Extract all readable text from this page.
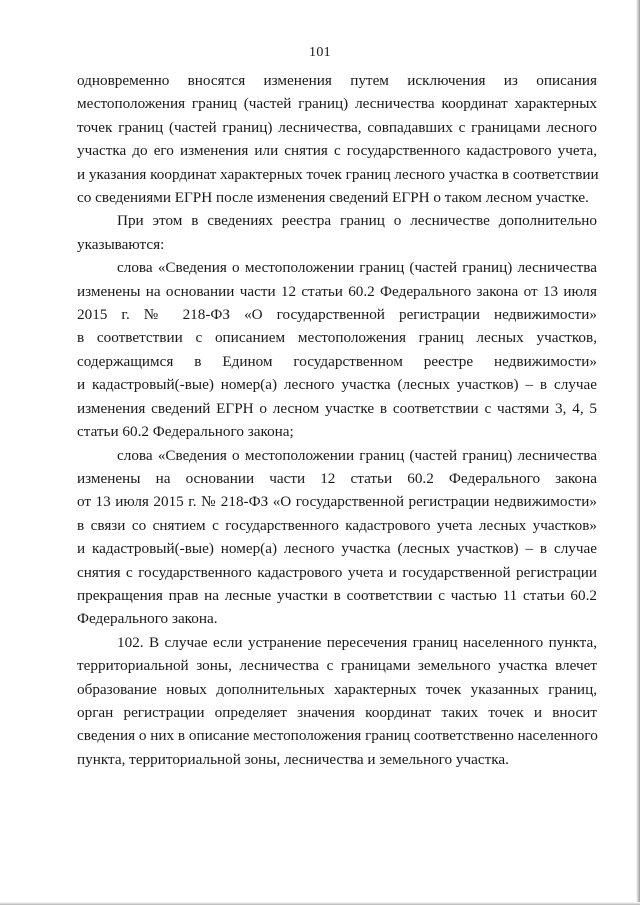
101

одновременно вносятся изменения путем исключения из описания
местоположения границ (частей границ) лесничества координат характерных
точек границ (частей границ) лесничества, совпадавших с границами лесного
участка до его изменения или снятия с государственного кадастрового учета,
и указания координат характерных точек границ лесного участка в соответствии
со сведениями ЕГРН после изменения сведений ЕГРН о таком лесном участке.

При этом в сведениях реестра границ о лесничестве дополнительно
указываются:

слова «Сведения о местоположении границ (частей границ) лесничества
изменены на основании части 12 статьи 60.2 Федерального закона от 13 июля
2015 г. № 218-ФЗ «О государственной регистрации недвижимости»
в соответствии с описанием местоположения границ лесных участков,
содержащимся в Едином государственном реестре недвижимости»
и кадастровый(-вые) номер(а) лесного участка (лесных участков) – в случае
изменения сведений ЕГРН о лесном участке в соответствии с частями 3, 4, 5
статьи 60.2 Федерального закона;

слова «Сведения о местоположении границ (частей границ) лесничества
изменены на основании части 12 статьи 60.2 Федерального закона
от 13 июля 2015 г. № 218-ФЗ «О государственной регистрации недвижимости»
в связи со снятием с государственного кадастрового учета лесных участков»
и кадастровый(-вые) номер(а) лесного участка (лесных участков) – в случае
снятия с государственного кадастрового учета и государственной регистрации
прекращения прав на лесные участки в соответствии с частью 11 статьи 60.2
Федерального закона.

102. В случае если устранение пересечения границ населенного пункта,
территориальной зоны, лесничества с границами земельного участка влечет
образование новых дополнительных характерных точек указанных границ,
орган регистрации определяет значения координат таких точек и вносит
сведения о них в описание местоположения границ соответственно населенного
пункта, территориальной зоны, лесничества и земельного участка.
